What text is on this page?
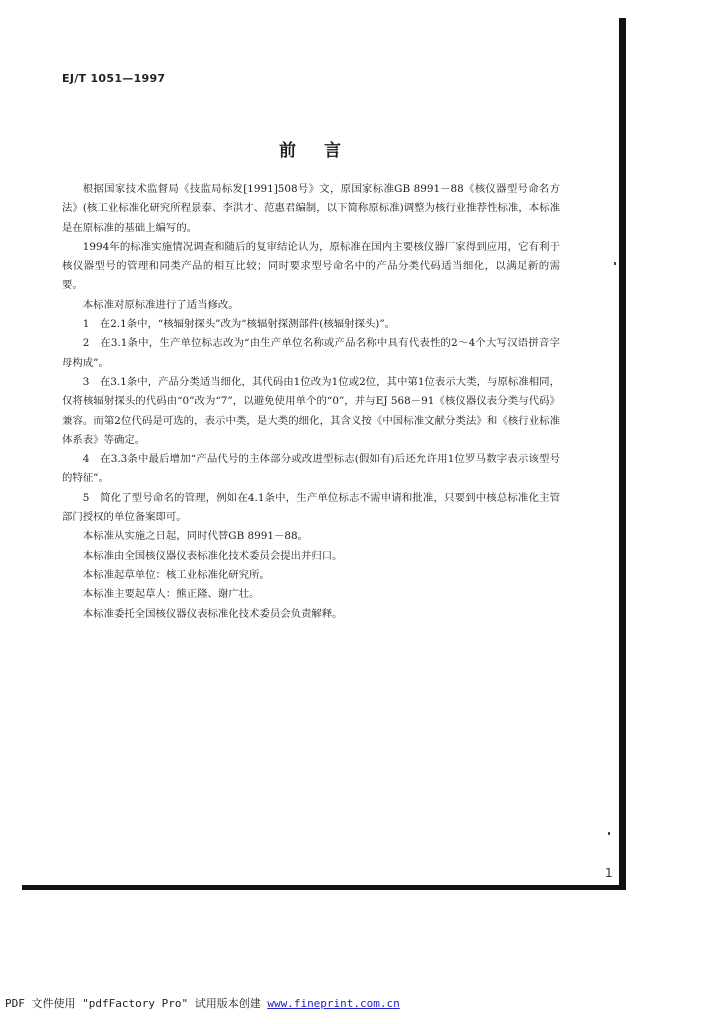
EJ/T 1051—1997
前言

根据国家技术监督局《技监局标发[1991]508号》文，原国家标准GB 8991－88《核仪器型号命名方法》(核工业标准化研究所程景泰、李洪才、范惠君编制，以下简称原标准)调整为核行业推荐性标准，本标准是在原标准的基础上编写的。

1994年的标准实施情况调查和随后的复审结论认为，原标准在国内主要核仪器厂家得到应用，它有利于核仪器型号的管理和同类产品的相互比较；同时要求型号命名中的产品分类代码适当细化，以满足新的需要。

本标准对原标准进行了适当修改。

1　在2.1条中，“核辐射探头”改为“核辐射探测部件(核辐射探头)”。

2　在3.1条中，生产单位标志改为“由生产单位名称或产品名称中具有代表性的2～4个大写汉语拼音字母构成”。

3　在3.1条中，产品分类适当细化，其代码由1位改为1位或2位，其中第1位表示大类，与原标准相同，仅将核辐射探头的代码由“0”改为“7”，以避免使用单个的“0”，并与EJ 568－91《核仪器仪表分类与代码》兼容。而第2位代码是可选的，表示中类，是大类的细化，其含义按《中国标准文献分类法》和《核行业标准体系表》等确定。

4　在3.3条中最后增加“产品代号的主体部分或改进型标志(假如有)后还允许用1位罗马数字表示该型号的特征”。

5　简化了型号命名的管理，例如在4.1条中，生产单位标志不需申请和批准，只要到中核总标准化主管部门授权的单位备案即可。

本标准从实施之日起，同时代替GB 8991－88。

本标准由全国核仪器仪表标准化技术委员会提出并归口。

本标准起草单位：核工业标准化研究所。

本标准主要起草人：熊正隆、谢广壮。

本标准委托全国核仪器仪表标准化技术委员会负责解释。

1
PDF 文件使用 "pdfFactory Pro" 试用版本创建 www.fineprint.com.cn
